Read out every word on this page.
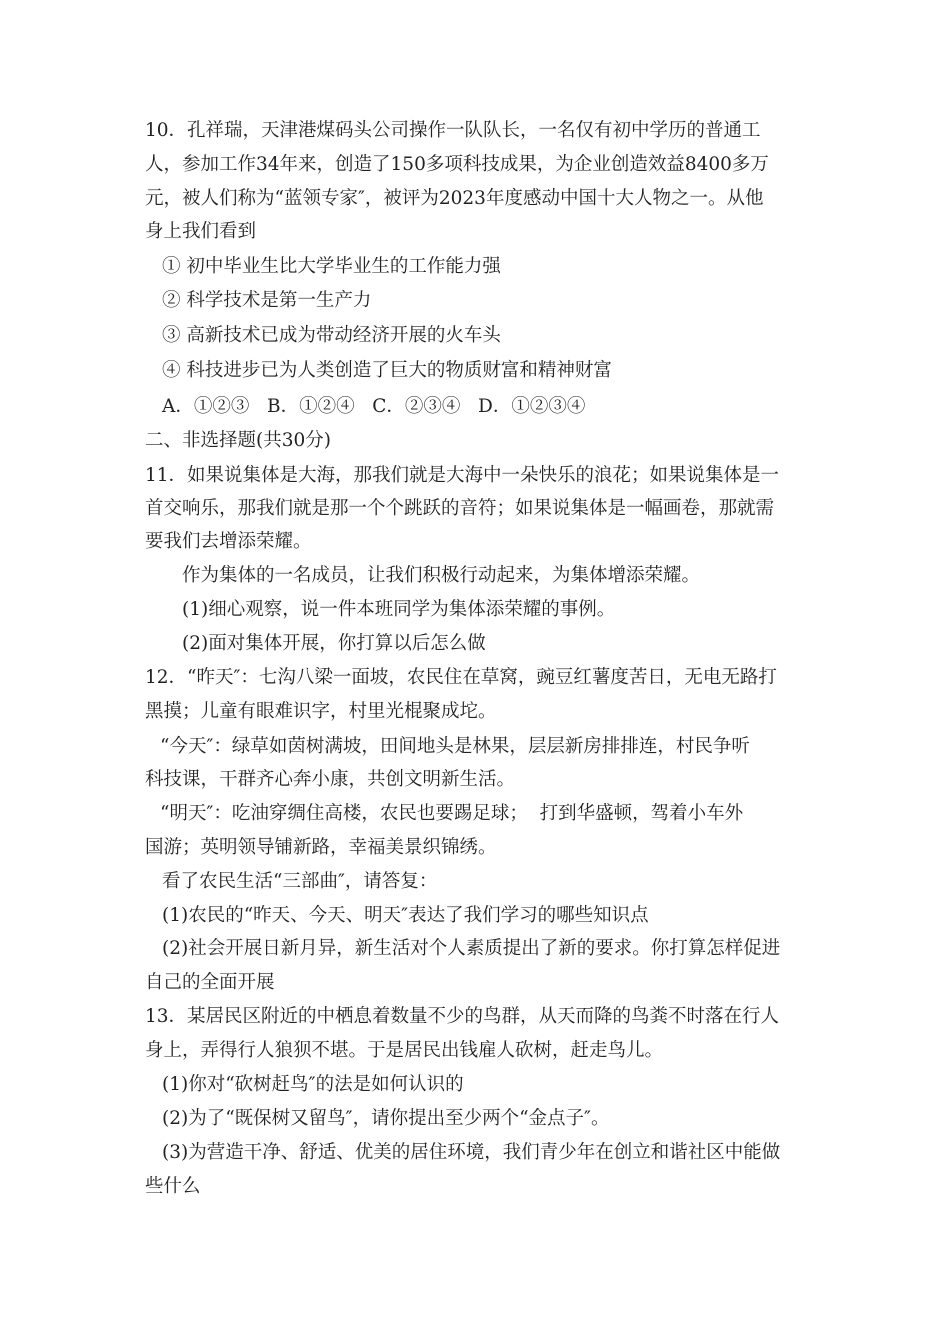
10．孔祥瑞，天津港煤码头公司操作一队队长，一名仅有初中学历的普通工
人，参加工作34年来，创造了150多项科技成果，为企业创造效益8400多万
元，被人们称为“蓝领专家″，被评为2023年度感动中国十大人物之一。从他
身上我们看到
① 初中毕业生比大学毕业生的工作能力强
② 科学技术是第一生产力
③ 高新技术已成为带动经济开展的火车头
④ 科技进步已为人类创造了巨大的物质财富和精神财富
A．①②③   B．①②④   C．②③④   D．①②③④
二、非选择题(共30分)
11．如果说集体是大海，那我们就是大海中一朵快乐的浪花；如果说集体是一
首交响乐，那我们就是那一个个跳跃的音符；如果说集体是一幅画卷，那就需
要我们去增添荣耀。
作为集体的一名成员，让我们积极行动起来，为集体增添荣耀。
(1)细心观察，说一件本班同学为集体添荣耀的事例。
(2)面对集体开展，你打算以后怎么做
12．“昨天″：七沟八梁一面坡，农民住在草窝，豌豆红薯度苦日，无电无路打
黑摸；儿童有眼难识字，村里光棍聚成坨。
“今天″：绿草如茵树满坡，田间地头是林果，层层新房排排连，村民争听
科技课，干群齐心奔小康，共创文明新生活。
“明天″：吃油穿绸住高楼，农民也要踢足球；  打到华盛顿，驾着小车外
国游；英明领导铺新路，幸福美景织锦绣。
看了农民生活“三部曲″，请答复：
(1)农民的“昨天、今天、明天″表达了我们学习的哪些知识点
(2)社会开展日新月异，新生活对个人素质提出了新的要求。你打算怎样促进
自己的全面开展
13．某居民区附近的中栖息着数量不少的鸟群，从天而降的鸟粪不时落在行人
身上，弄得行人狼狈不堪。于是居民出钱雇人砍树，赶走鸟儿。
(1)你对“砍树赶鸟″的法是如何认识的
(2)为了“既保树又留鸟″，请你提出至少两个“金点子″。
(3)为营造干净、舒适、优美的居住环境，我们青少年在创立和谐社区中能做
些什么
